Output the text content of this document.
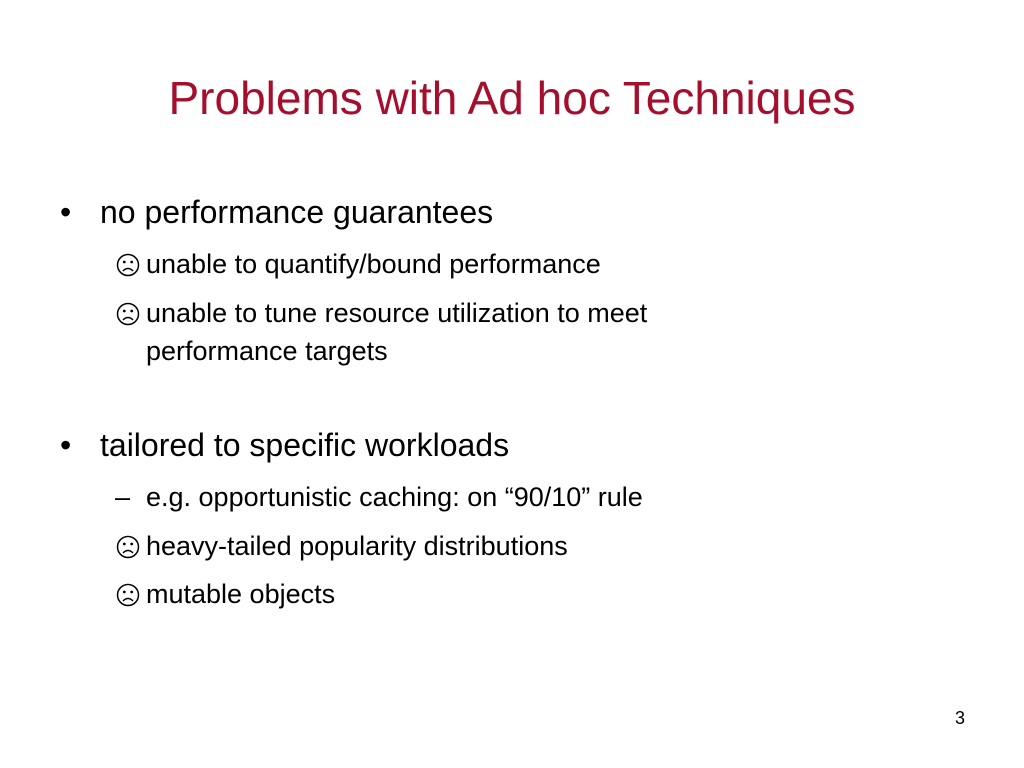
Problems with Ad hoc Techniques
• no performance guarantees
unable to quantify/bound performance
unable to tune resource utilization to meet
performance targets
• tailored to specific workloads
– e.g. opportunistic caching: on “90/10” rule
heavy-tailed popularity distributions
mutable objects
3
